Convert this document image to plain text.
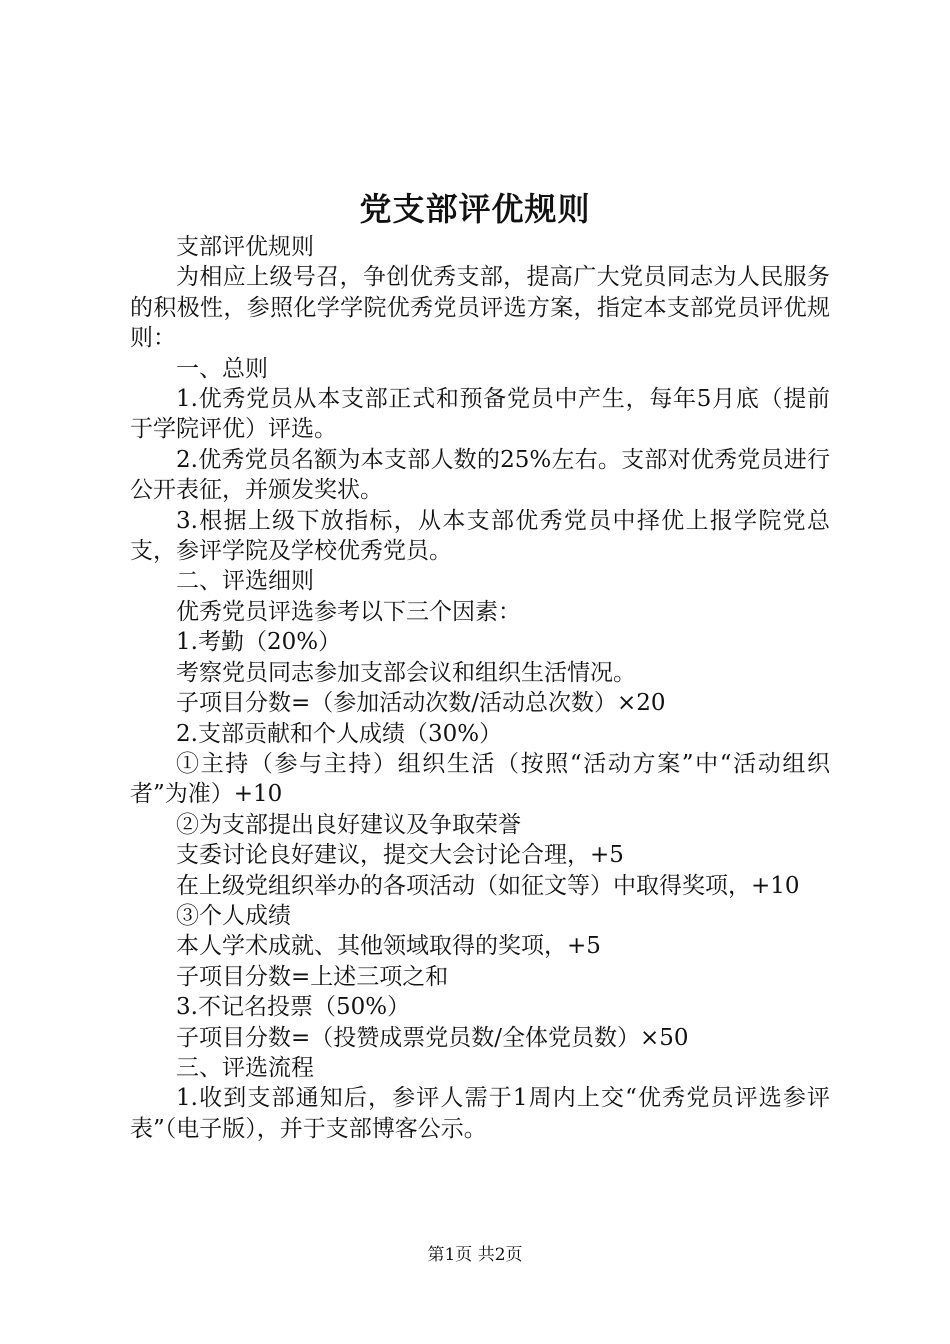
党支部评优规则

支部评优规则

为相应上级号召，争创优秀支部，提高广大党员同志为人民服务的积极性，参照化学学院优秀党员评选方案，指定本支部党员评优规则：

一、总则

1.优秀党员从本支部正式和预备党员中产生，每年5月底（提前于学院评优）评选。

2.优秀党员名额为本支部人数的25%左右。支部对优秀党员进行公开表征，并颁发奖状。

3.根据上级下放指标，从本支部优秀党员中择优上报学院党总支，参评学院及学校优秀党员。

二、评选细则

优秀党员评选参考以下三个因素：

1.考勤（20%）

考察党员同志参加支部会议和组织生活情况。

子项目分数=（参加活动次数/活动总次数）×20

2.支部贡献和个人成绩（30%）

①主持（参与主持）组织生活（按照“活动方案”中“活动组织者”为准）+10

②为支部提出良好建议及争取荣誉

支委讨论良好建议，提交大会讨论合理，+5

在上级党组织举办的各项活动（如征文等）中取得奖项，+10

③个人成绩

本人学术成就、其他领域取得的奖项，+5

子项目分数=上述三项之和

3.不记名投票（50%）

子项目分数=（投赞成票党员数/全体党员数）×50

三、评选流程

1.收到支部通知后，参评人需于1周内上交“优秀党员评选参评表”（电子版），并于支部博客公示。

第1页 共2页
